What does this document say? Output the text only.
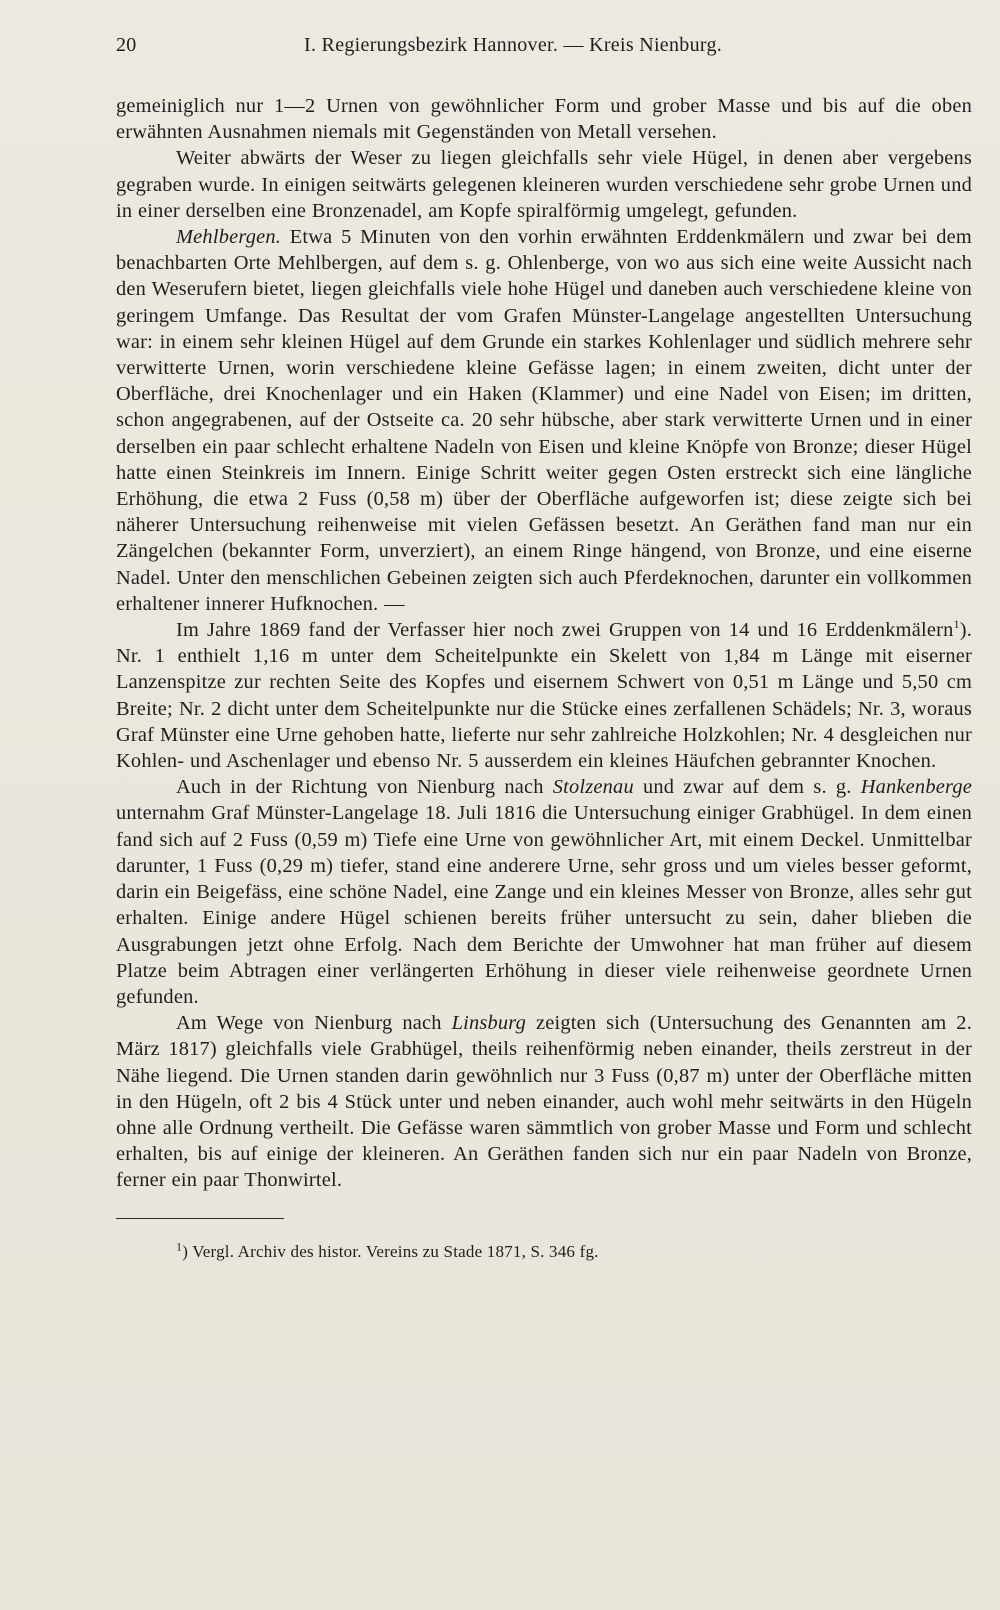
20	I. Regierungsbezirk Hannover. — Kreis Nienburg.

gemeiniglich nur 1—2 Urnen von gewöhnlicher Form und grober Masse und bis auf die oben erwähnten Ausnahmen niemals mit Gegenständen von Metall versehen.

Weiter abwärts der Weser zu liegen gleichfalls sehr viele Hügel, in denen aber vergebens gegraben wurde. In einigen seitwärts gelegenen kleineren wurden verschiedene sehr grobe Urnen und in einer derselben eine Bronzenadel, am Kopfe spiralförmig umgelegt, gefunden.

Mehlbergen. Etwa 5 Minuten von den vorhin erwähnten Erddenkmälern und zwar bei dem benachbarten Orte Mehlbergen, auf dem s. g. Ohlenberge, von wo aus sich eine weite Aussicht nach den Weserufern bietet, liegen gleichfalls viele hohe Hügel und daneben auch verschiedene kleine von geringem Umfange. Das Resultat der vom Grafen Münster-Langelage angestellten Untersuchung war: in einem sehr kleinen Hügel auf dem Grunde ein starkes Kohlenlager und südlich mehrere sehr verwitterte Urnen, worin verschiedene kleine Gefässe lagen; in einem zweiten, dicht unter der Oberfläche, drei Knochenlager und ein Haken (Klammer) und eine Nadel von Eisen; im dritten, schon angegrabenen, auf der Ostseite ca. 20 sehr hübsche, aber stark verwitterte Urnen und in einer derselben ein paar schlecht erhaltene Nadeln von Eisen und kleine Knöpfe von Bronze; dieser Hügel hatte einen Steinkreis im Innern. Einige Schritt weiter gegen Osten erstreckt sich eine längliche Erhöhung, die etwa 2 Fuss (0,58 m) über der Oberfläche aufgeworfen ist; diese zeigte sich bei näherer Untersuchung reihenweise mit vielen Gefässen besetzt. An Geräthen fand man nur ein Zängelchen (bekannter Form, unverziert), an einem Ringe hängend, von Bronze, und eine eiserne Nadel. Unter den menschlichen Gebeinen zeigten sich auch Pferdeknochen, darunter ein vollkommen erhaltener innerer Hufknochen. —

Im Jahre 1869 fand der Verfasser hier noch zwei Gruppen von 14 und 16 Erddenkmälern$^1$). Nr. 1 enthielt 1,16 m unter dem Scheitelpunkte ein Skelett von 1,84 m Länge mit eiserner Lanzenspitze zur rechten Seite des Kopfes und eisernem Schwert von 0,51 m Länge und 5,50 cm Breite; Nr. 2 dicht unter dem Scheitelpunkte nur die Stücke eines zerfallenen Schädels; Nr. 3, woraus Graf Münster eine Urne gehoben hatte, lieferte nur sehr zahlreiche Holzkohlen; Nr. 4 desgleichen nur Kohlen- und Aschenlager und ebenso Nr. 5 ausserdem ein kleines Häufchen gebrannter Knochen.

Auch in der Richtung von Nienburg nach Stolzenau und zwar auf dem s. g. Hankenberge unternahm Graf Münster-Langelage 18. Juli 1816 die Untersuchung einiger Grabhügel. In dem einen fand sich auf 2 Fuss (0,59 m) Tiefe eine Urne von gewöhnlicher Art, mit einem Deckel. Unmittelbar darunter, 1 Fuss (0,29 m) tiefer, stand eine anderere Urne, sehr gross und um vieles besser geformt, darin ein Beigefäss, eine schöne Nadel, eine Zange und ein kleines Messer von Bronze, alles sehr gut erhalten. Einige andere Hügel schienen bereits früher untersucht zu sein, daher blieben die Ausgrabungen jetzt ohne Erfolg. Nach dem Berichte der Umwohner hat man früher auf diesem Platze beim Abtragen einer verlängerten Erhöhung in dieser viele reihenweise geordnete Urnen gefunden.

Am Wege von Nienburg nach Linsburg zeigten sich (Untersuchung des Genannten am 2. März 1817) gleichfalls viele Grabhügel, theils reihenförmig neben einander, theils zerstreut in der Nähe liegend. Die Urnen standen darin gewöhnlich nur 3 Fuss (0,87 m) unter der Oberfläche mitten in den Hügeln, oft 2 bis 4 Stück unter und neben einander, auch wohl mehr seitwärts in den Hügeln ohne alle Ordnung vertheilt. Die Gefässe waren sämmtlich von grober Masse und Form und schlecht erhalten, bis auf einige der kleineren. An Geräthen fanden sich nur ein paar Nadeln von Bronze, ferner ein paar Thonwirtel.

$^1$) Vergl. Archiv des histor. Vereins zu Stade 1871, S. 346 fg.
